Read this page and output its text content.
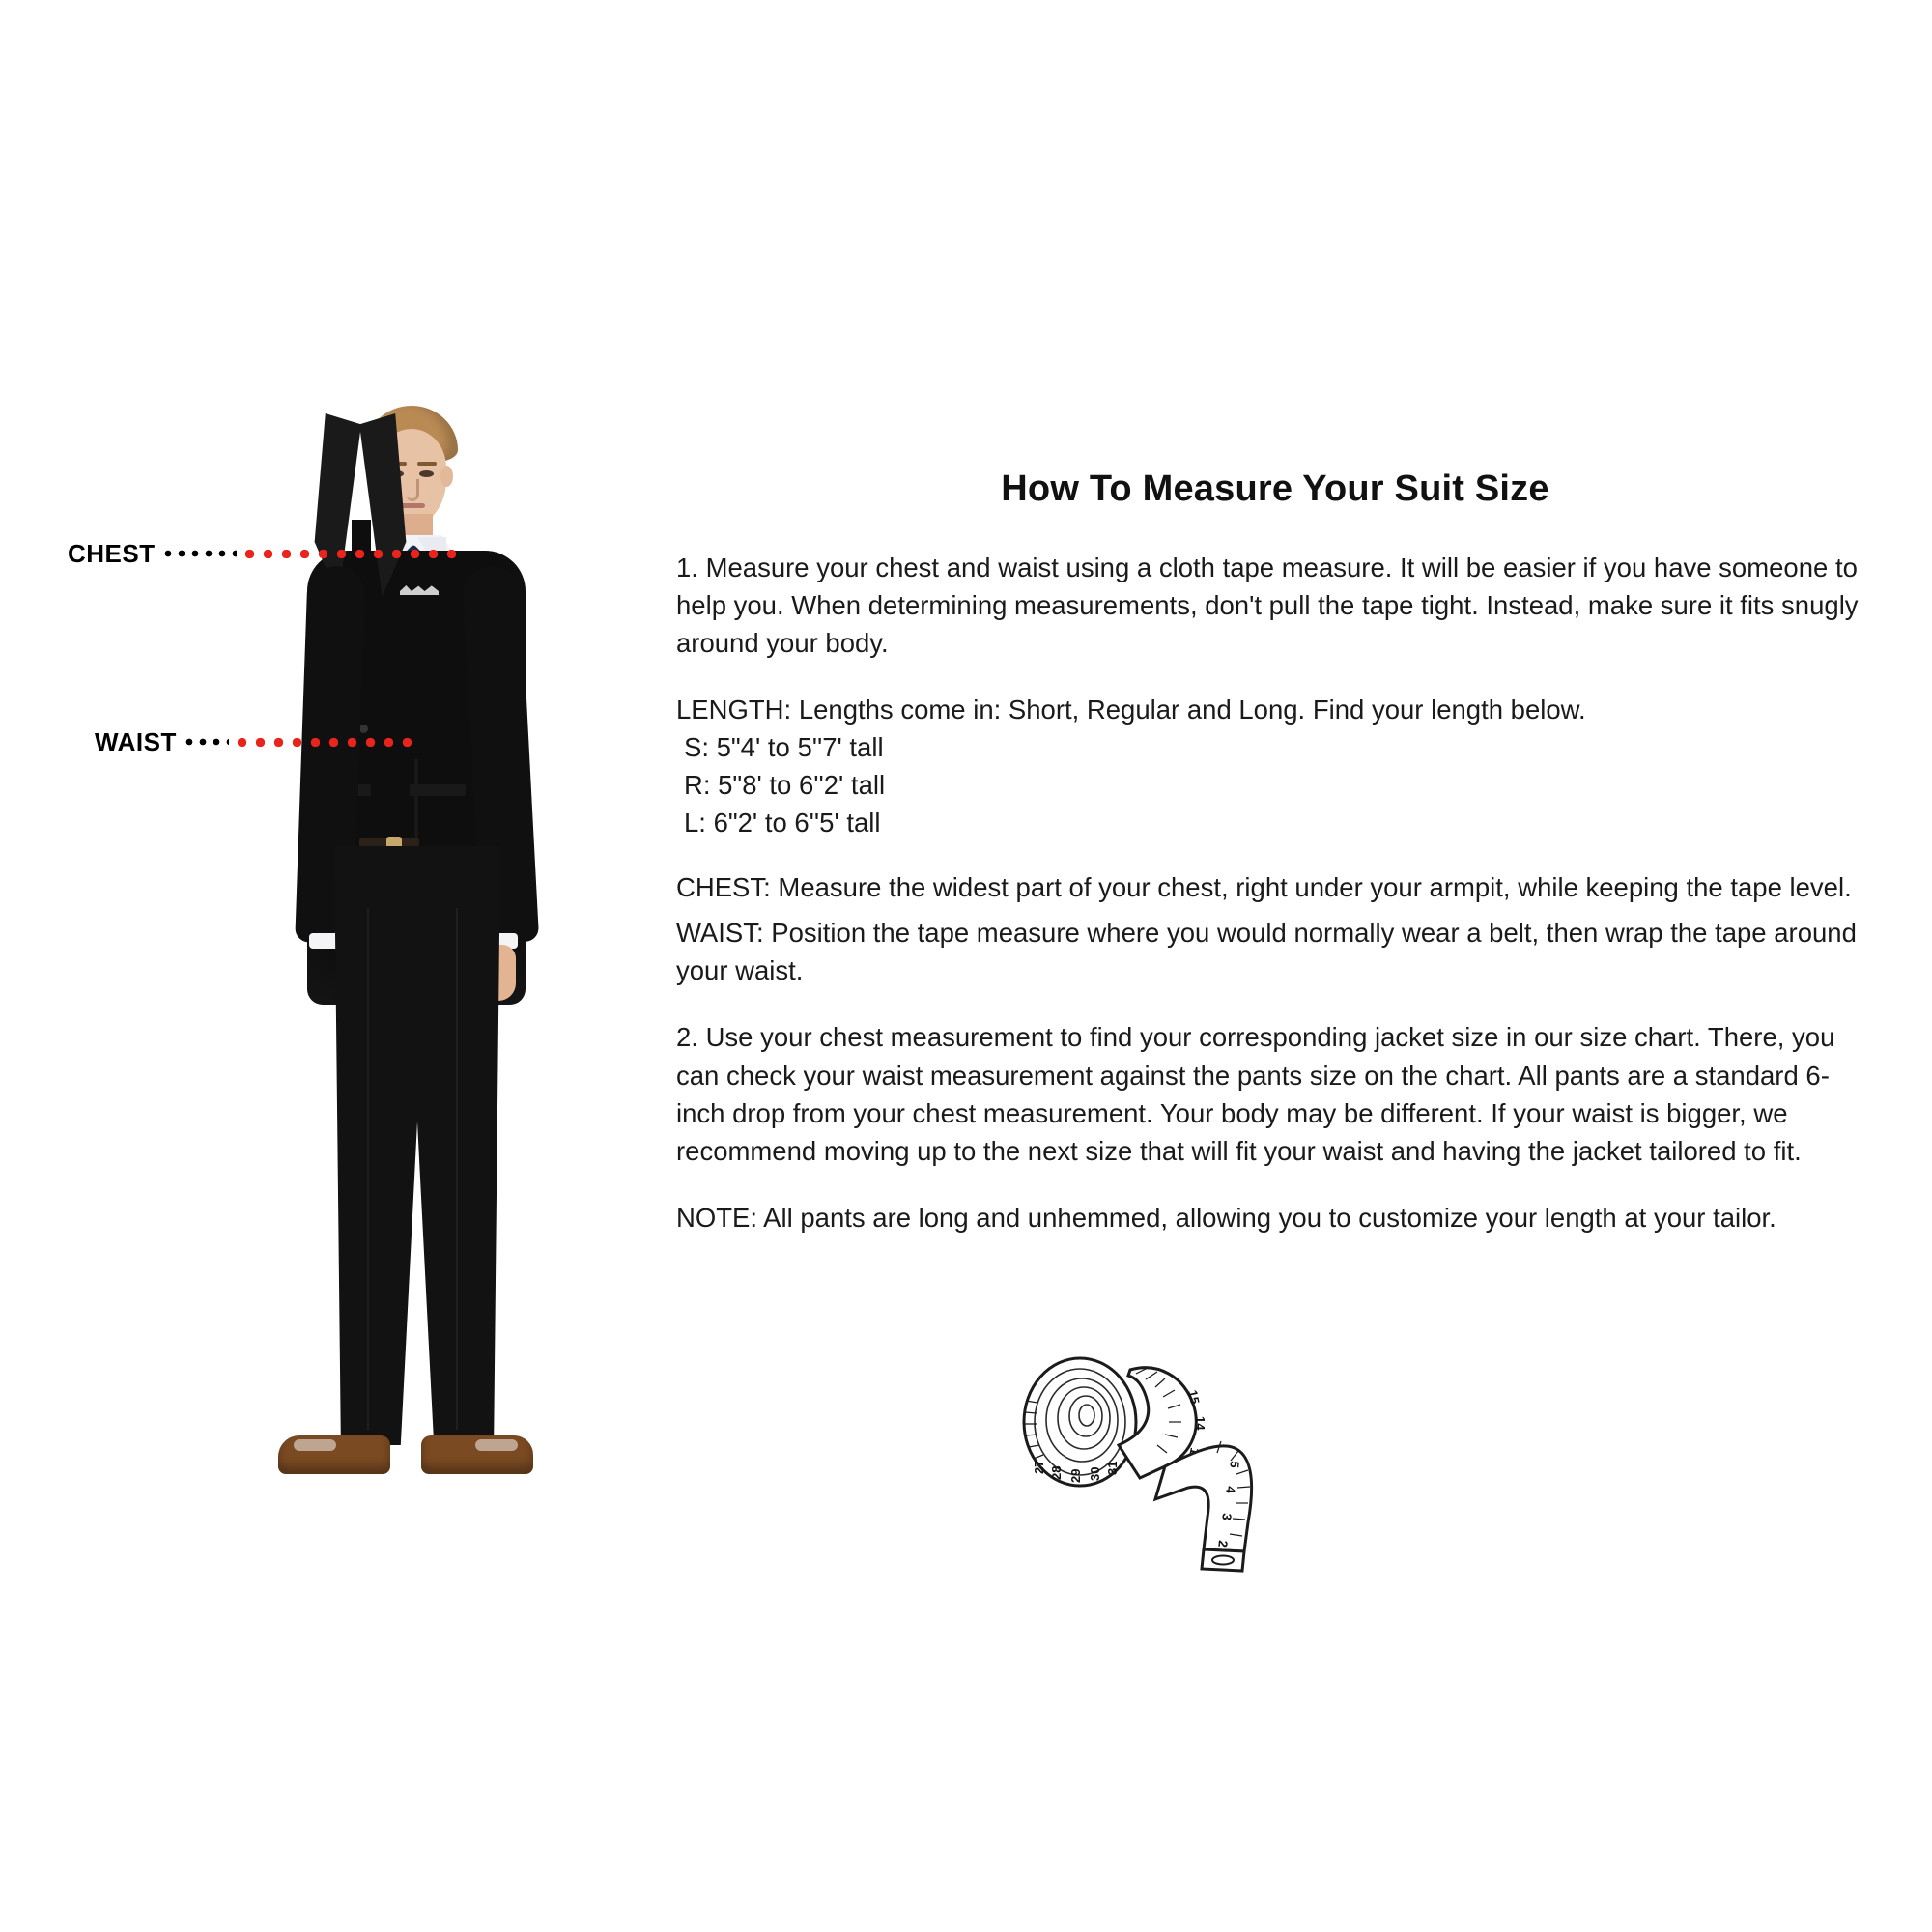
CHEST
WAIST
How To Measure Your Suit Size

1. Measure your chest and waist using a cloth tape measure. It will be easier if you have someone to help you. When determining measurements, don't pull the tape tight. Instead, make sure it fits snugly around your body.

LENGTH: Lengths come in: Short, Regular and Long. Find your length below.

S: 5"4' to 5''7' tall
R: 5"8' to 6''2' tall
L: 6"2' to 6''5' tall

CHEST: Measure the widest part of your chest, right under your armpit, while keeping the tape level.

WAIST: Position the tape measure where you would normally wear a belt, then wrap the tape around your waist.

2. Use your chest measurement to find your corresponding jacket size in our size chart. There, you can check your waist measurement against the pants size on the chart. All pants are a standard 6-inch drop from your chest measurement. Your body may be different. If your waist is bigger, we recommend moving up to the next size that will fit your waist and having the jacket tailored to fit.

NOTE: All pants are long and unhemmed, allowing you to customize your length at your tailor.

27 28 29 30 31
15
14
5
4
3
2
